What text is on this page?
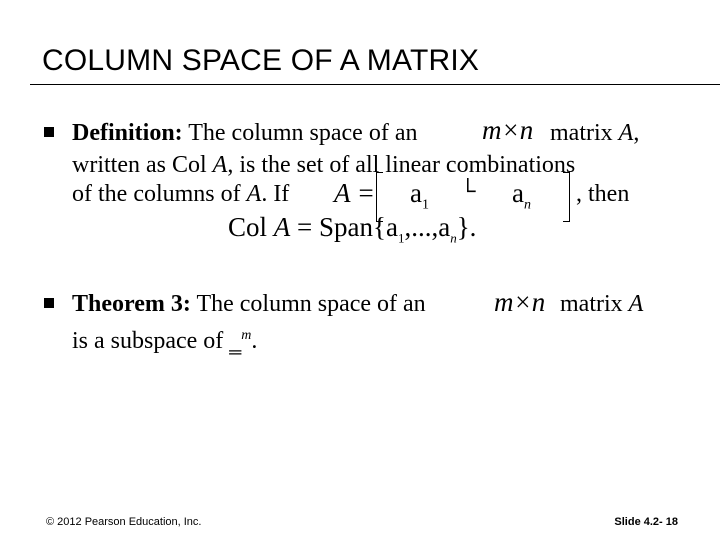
COLUMN SPACE OF A MATRIX
Definition: The column space of an m×n matrix A,
written as Col A, is the set of all linear combinations
of the columns of A. If $A = a_1$
└ $a_n$ , then
Col $A = Span\{a_1,...,a_n\}$.
Theorem 3: The column space of an	m×n matrix A
is a subspace of ‗$^m$.
© 2012 Pearson Education, Inc.	Slide 4.2- 18
